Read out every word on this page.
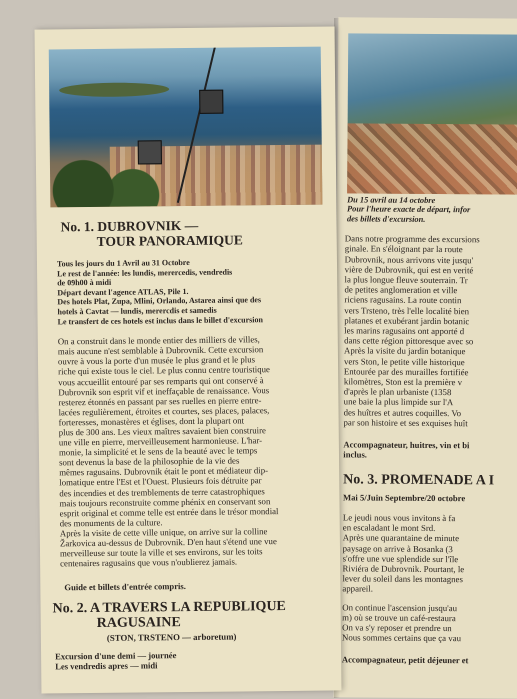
Du 15 avril au 14 octobre
Pour l'heure exacte de départ, infor
des billets d'excursion.
Dans notre programme des excursions
ginale. En s'éloignant par la route
Dubrovnik, nous arrivons vite jusqu'
vière de Dubrovnik, qui est en verité
la plus longue fleuve souterrain. Tr
de petites anglomeration et ville
riciens ragusains. La route contin
vers Trsteno, très l'elle localité bien
platanes et exubérant jardin botanic
les marins ragusains ont apporté d
dans cette région pittoresque avec so
Après la visite du jardin botanique
vers Ston, le petite ville historique
Entourée par des murailles fortifiée
kilomètres, Ston est la première v
d'après le plan urbaniste (1358
une baie la plus limpide sur l'A
des huîtres et autres coquilles. Vo
par son histoire et ses exquises huît
Accompagnateur, huitres, vin et bi
inclus.
No. 3. PROMENADE A I
Mai 5/Juin Septembre/20 octobre
Le jeudi nous vous invitons à fa
en escaladant le mont Srd.
Après une quarantaine de minute
paysage on arrive à Bosanka (3
s'offre une vue splendide sur l'île
Riviéra de Dubrovnik. Pourtant, le
lever du soleil dans les montagnes
appareil.
On continue l'ascension jusqu'au
m) où se trouve un café-restaura
On va s'y reposer et prendre un
Nous sommes certains que ça vau
Accompagnateur, petit déjeuner et
No. 1. DUBROVNIK —
TOUR PANORAMIQUE
Tous les jours du 1 Avril au 31 Octobre
Le rest de l'année: les lundis, merercedis, vendredis
de 09h00 à midi
Départ devant l'agence ATLAS, Pile 1.
Des hotels Plat, Zupa, Mlini, Orlando, Astarea ainsi que des
hotels à Cavtat — lundis, merercdis et samedis
Le transfert de ces hotels est inclus dans le billet d'excursion
On a construit dans le monde entier des milliers de villes,
mais aucune n'est semblable à Dubrovnik. Cette excursion
ouvre à vous la porte d'un musée le plus grand et le plus
riche qui existe tous le ciel. Le plus connu centre touristique
vous accueillit entouré par ses remparts qui ont conservé à
Dubrovnik son esprit vif et ineffaçable de renaissance. Vous
resterez étonnés en passant par ses ruelles en pierre entre-
lacées regulièrement, étroites et courtes, ses places, palaces,
forteresses, monastères et églises, dont la plupart ont
plus de 300 ans. Les vieux maîtres savaient bien construire
une ville en pierre, merveilleusement harmonieuse. L'har-
monie, la simplicité et le sens de la beauté avec le temps
sont devenus la base de la philosophie de la vie des
mêmes ragusains. Dubrovnik était le pont et médiateur dip-
lomatique entre l'Est et l'Ouest. Plusieurs fois détruite par
des incendies et des tremblements de terre catastrophiques
mais toujours reconstruite comme phénix en conservant son
esprit original et comme telle est entrée dans le trésor mondial
des monuments de la culture.
Après la visite de cette ville unique, on arrive sur la colline
Žarkovica au-dessus de Dubrovnik. D'en haut s'étend une vue
merveilleuse sur toute la ville et ses environs, sur les toits
centenaires ragusains que vous n'oublierez jamais.
Guide et billets d'entrée compris.
No. 2. A TRAVERS LA REPUBLIQUE
RAGUSAINE
(STON, TRSTENO — arboretum)
Excursion d'une demi — journée
Les vendredis apres — midi
